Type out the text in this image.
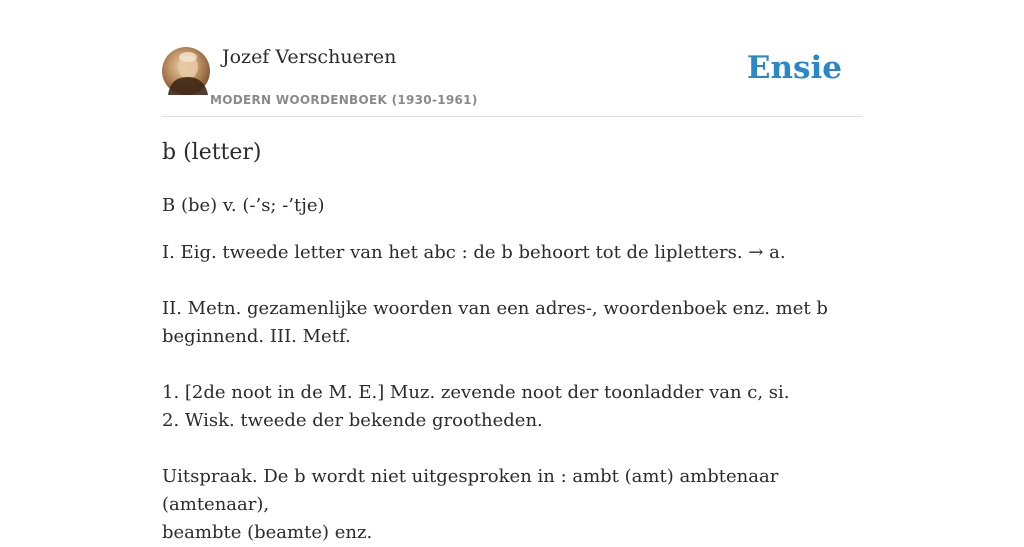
Jozef Verschueren
MODERN WOORDENBOEK (1930-1961)
Ensie
b (letter)

B (be) v. (-’s; -’tje)

I. Eig. tweede letter van het abc : de b behoort tot de lipletters. → a.

II. Metn. gezamenlijke woorden van een adres-, woordenboek enz. met b

beginnend. III. Metf.

1. [2de noot in de M. E.] Muz. zevende noot der toonladder van c, si.

2. Wisk. tweede der bekende grootheden.

Uitspraak. De b wordt niet uitgesproken in : ambt (amt) ambtenaar (amtenaar),

beambte (beamte) enz.
